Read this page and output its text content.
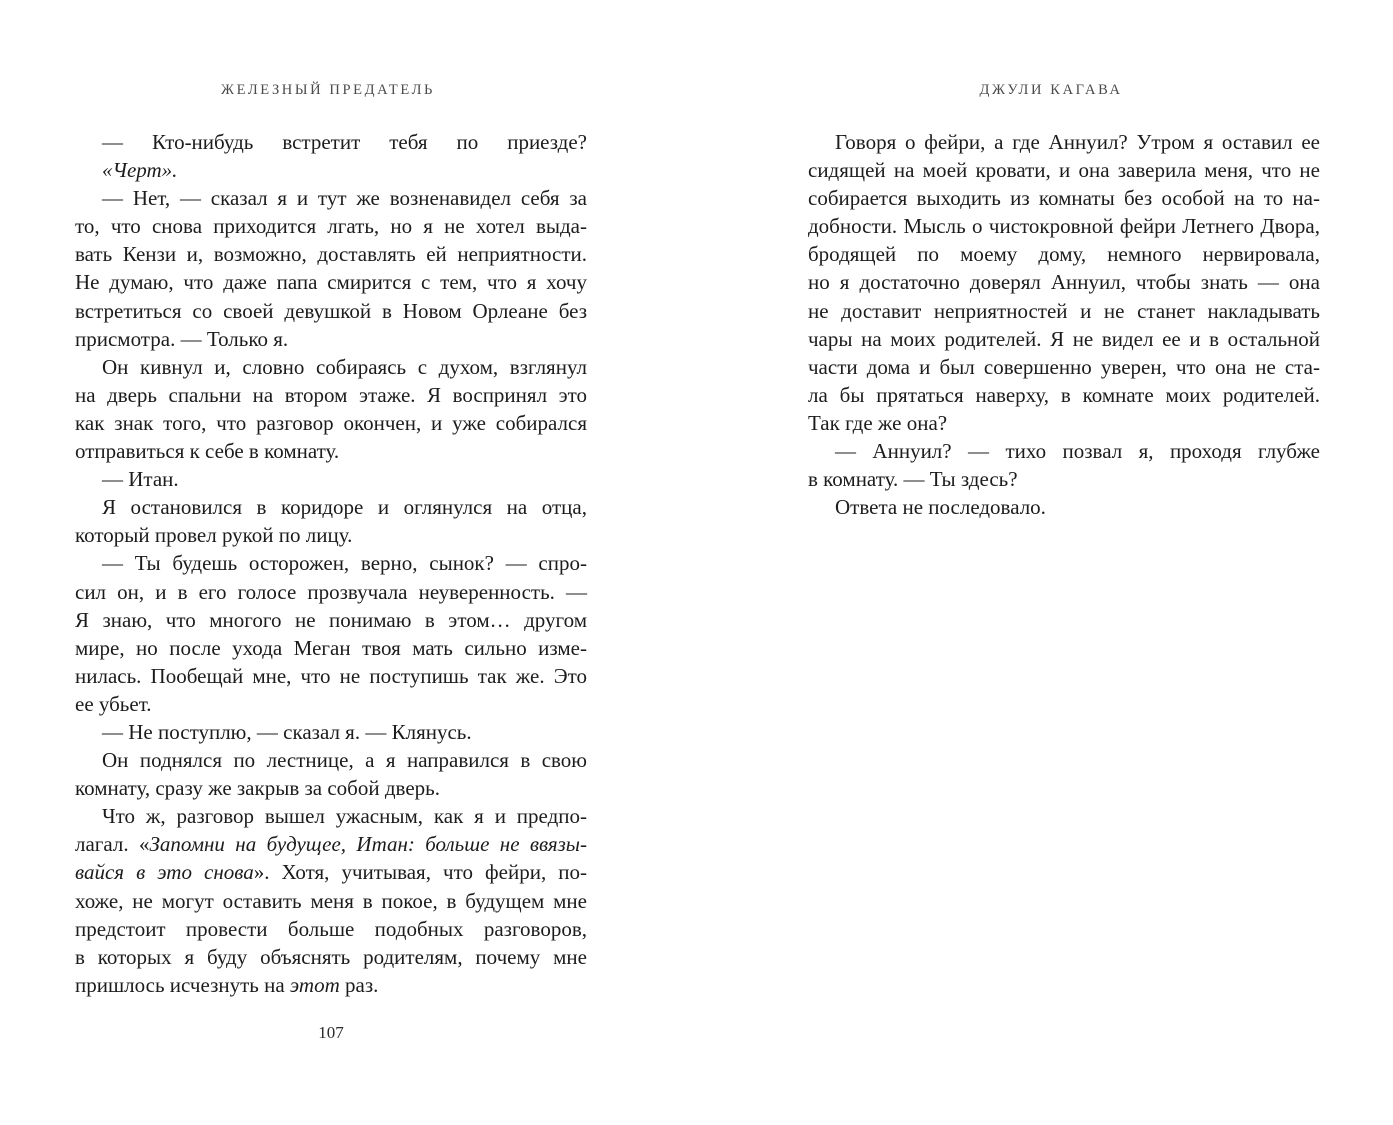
ЖЕЛЕЗНЫЙ ПРЕДАТЕЛЬ

— Кто-нибудь встретит тебя по приезде?

«Черт».

— Нет, — сказал я и тут же возненавидел себя за

то, что снова приходится лгать, но я не хотел выда-

вать Кензи и, возможно, доставлять ей неприятности.

Не думаю, что даже папа смирится с тем, что я хочу

встретиться со своей девушкой в Новом Орлеане без

присмотра. — Только я.

Он кивнул и, словно собираясь с духом, взглянул

на дверь спальни на втором этаже. Я воспринял это

как знак того, что разговор окончен, и уже собирался

отправиться к себе в комнату.

— Итан.

Я остановился в коридоре и оглянулся на отца,

который провел рукой по лицу.

— Ты будешь осторожен, верно, сынок? — спро-

сил он, и в его голосе прозвучала неуверенность. —

Я знаю, что многого не понимаю в этом… другом

мире, но после ухода Меган твоя мать сильно изме-

нилась. Пообещай мне, что не поступишь так же. Это

ее убьет.

— Не поступлю, — сказал я. — Клянусь.

Он поднялся по лестнице, а я направился в свою

комнату, сразу же закрыв за собой дверь.

Что ж, разговор вышел ужасным, как я и предпо-

лагал. «Запомни на будущее, Итан: больше не ввязы-

вайся в это снова». Хотя, учитывая, что фейри, по-

хоже, не могут оставить меня в покое, в будущем мне

предстоит провести больше подобных разговоров,

в которых я буду объяснять родителям, почему мне

пришлось исчезнуть на этот раз.

107
ДЖУЛИ КАГАВА

Говоря о фейри, а где Аннуил? Утром я оставил ее

сидящей на моей кровати, и она заверила меня, что не

собирается выходить из комнаты без особой на то на-

добности. Мысль о чистокровной фейри Летнего Двора,

бродящей по моему дому, немного нервировала,

но я достаточно доверял Аннуил, чтобы знать — она

не доставит неприятностей и не станет накладывать

чары на моих родителей. Я не видел ее и в остальной

части дома и был совершенно уверен, что она не ста-

ла бы прятаться наверху, в комнате моих родителей.

Так где же она?

— Аннуил? — тихо позвал я, проходя глубже

в комнату. — Ты здесь?

Ответа не последовало.
